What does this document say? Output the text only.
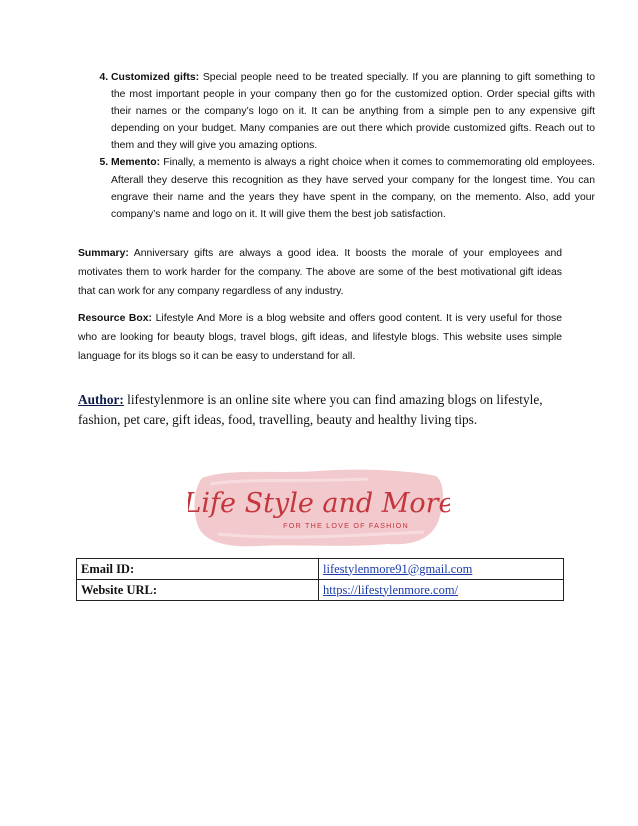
4. Customized gifts: Special people need to be treated specially. If you are planning to gift something to the most important people in your company then go for the customized option. Order special gifts with their names or the company’s logo on it. It can be anything from a simple pen to any expensive gift depending on your budget. Many companies are out there which provide customized gifts. Reach out to them and they will give you amazing options.
5. Memento: Finally, a memento is always a right choice when it comes to commemorating old employees. Afterall they deserve this recognition as they have served your company for the longest time. You can engrave their name and the years they have spent in the company, on the memento. Also, add your company’s name and logo on it. It will give them the best job satisfaction.

Summary: Anniversary gifts are always a good idea. It boosts the morale of your employees and motivates them to work harder for the company. The above are some of the best motivational gift ideas that can work for any company regardless of any industry.

Resource Box: Lifestyle And More is a blog website and offers good content. It is very useful for those who are looking for beauty blogs, travel blogs, gift ideas, and lifestyle blogs. This website uses simple language for its blogs so it can be easy to understand for all.

Author: lifestylenmore is an online site where you can find amazing blogs on lifestyle, fashion, pet care, gift ideas, food, travelling, beauty and healthy living tips.

Life Style and More
FOR THE LOVE OF FASHION
Email ID:	lifestylenmore91@gmail.com
Website URL:	https://lifestylenmore.com/
